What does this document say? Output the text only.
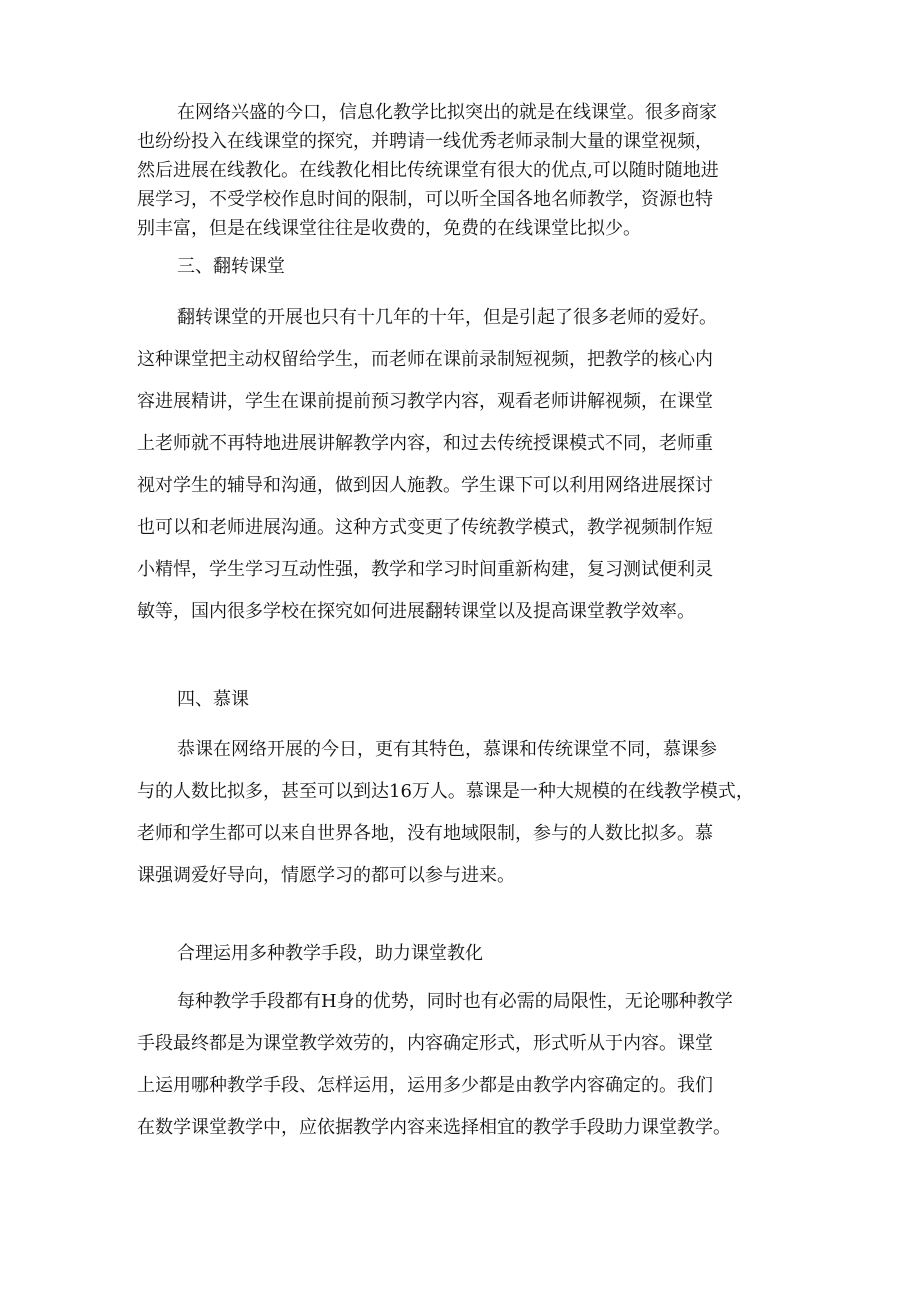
在网络兴盛的今口，信息化教学比拟突出的就是在线课堂。很多商家
也纷纷投入在线课堂的探究，并聘请一线优秀老师录制大量的课堂视频，
然后进展在线教化。在线教化相比传统课堂有很大的优点,可以随时随地进
展学习，不受学校作息时间的限制，可以听全国各地名师教学，资源也特
别丰富，但是在线课堂往往是收费的，免费的在线课堂比拟少。

三、翻转课堂

翻转课堂的开展也只有十几年的十年，但是引起了很多老师的爱好。
这种课堂把主动权留给学生，而老师在课前录制短视频，把教学的核心内
容进展精讲，学生在课前提前预习教学内容，观看老师讲解视频，在课堂
上老师就不再特地进展讲解教学内容，和过去传统授课模式不同，老师重
视对学生的辅导和沟通，做到因人施教。学生课下可以利用网络进展探讨
也可以和老师进展沟通。这种方式变更了传统教学模式，教学视频制作短
小精悍，学生学习互动性强，教学和学习时间重新构建，复习测试便利灵
敏等，国内很多学校在探究如何进展翻转课堂以及提高课堂教学效率。

四、慕课

恭课在网络开展的今日，更有其特色，慕课和传统课堂不同，慕课参
与的人数比拟多，甚至可以到达16万人。慕课是一种大规模的在线教学模式，
老师和学生都可以来自世界各地，没有地域限制，参与的人数比拟多。慕
课强调爱好导向，情愿学习的都可以参与进来。

合理运用多种教学手段，助力课堂教化

每种教学手段都有H身的优势，同时也有必需的局限性，无论哪种教学
手段最终都是为课堂教学效劳的，内容确定形式，形式听从于内容。课堂
上运用哪种教学手段、怎样运用，运用多少都是由教学内容确定的。我们
在数学课堂教学中，应依据教学内容来选择相宜的教学手段助力课堂教学。
